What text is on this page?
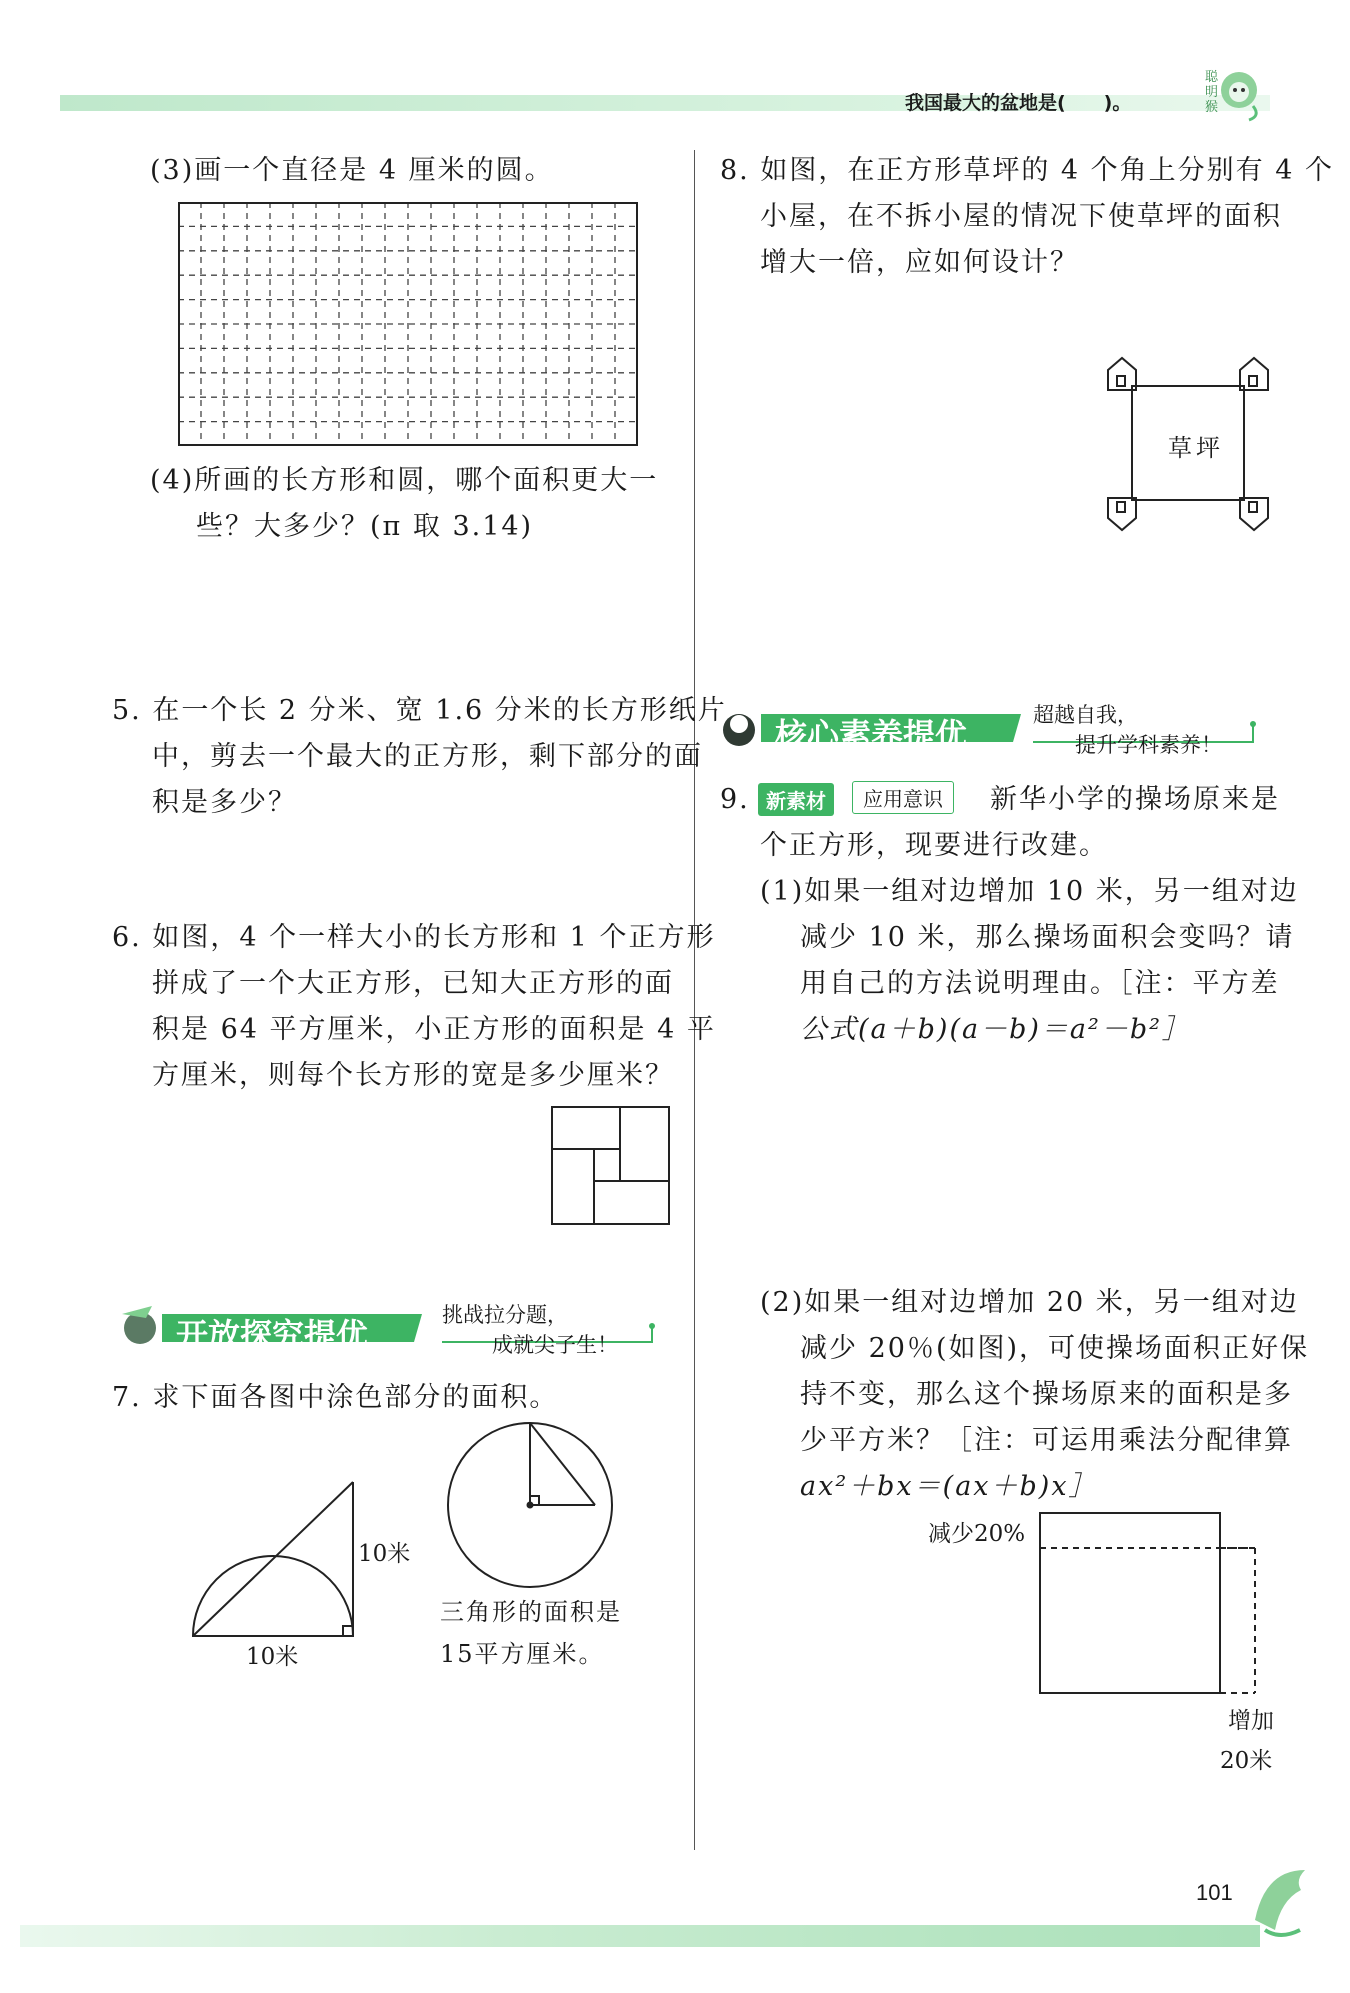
我国最大的盆地是(　　)。
聪明猴
(3)画一个直径是 4 厘米的圆。
(4)所画的长方形和圆，哪个面积更大一
些？大多少？(π 取 3.14)
5. 在一个长 2 分米、宽 1.6 分米的长方形纸片
中，剪去一个最大的正方形，剩下部分的面
积是多少？
6. 如图，4 个一样大小的长方形和 1 个正方形
拼成了一个大正方形，已知大正方形的面
积是 64 平方厘米，小正方形的面积是 4 平
方厘米，则每个长方形的宽是多少厘米？
开放探究提优
挑战拉分题，
成就尖子生！
7. 求下面各图中涂色部分的面积。
10米
10米
三角形的面积是
15平方厘米。
8. 如图，在正方形草坪的 4 个角上分别有 4 个
小屋，在不拆小屋的情况下使草坪的面积
增大一倍，应如何设计？
草坪
核心素养提优
超越自我，
提升学科素养！
9. 新素材	应用意识	新华小学的操场原来是
个正方形，现要进行改建。
(1)如果一组对边增加 10 米，另一组对边
减少 10 米，那么操场面积会变吗？请
用自己的方法说明理由。［注：平方差
公式(a＋b)(a－b)＝a²－b²］
(2)如果一组对边增加 20 米，另一组对边
减少 20％(如图)，可使操场面积正好保
持不变，那么这个操场原来的面积是多
少平方米？［注：可运用乘法分配律算
ax²＋bx＝(ax＋b)x］
减少20%
增加
20米
101
